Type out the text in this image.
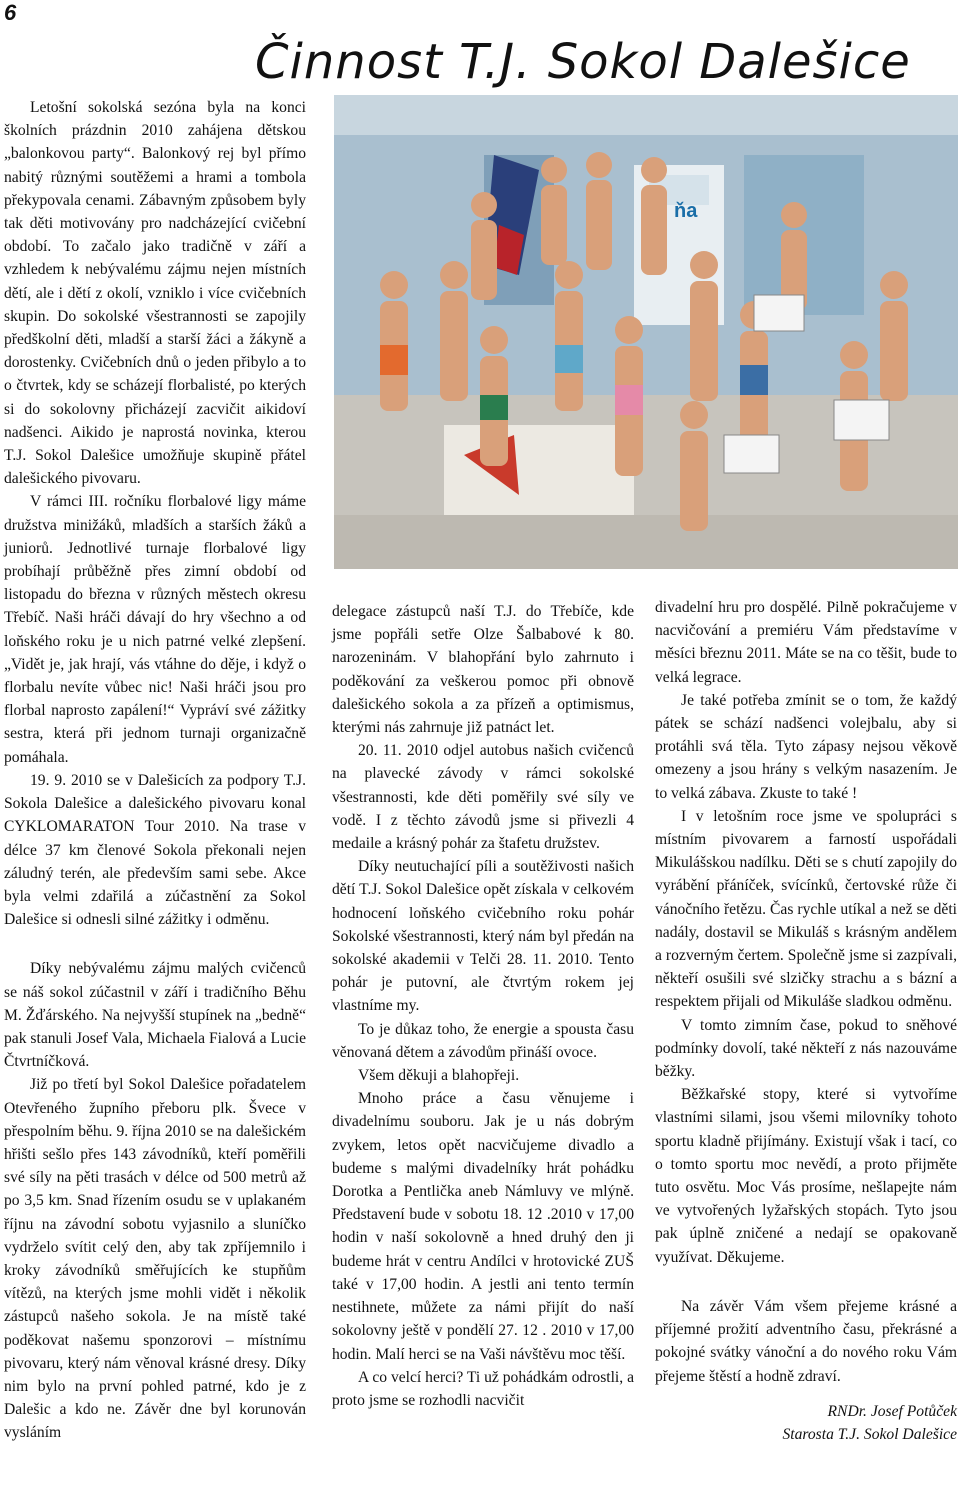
6
Činnost T.J. Sokol Dalešice
ňa

Letošní sokolská sezóna byla na konci školních prázdnin 2010 zahájena dětskou „balonkovou party“. Balonkový rej byl přímo nabitý různými soutěžemi a hrami a tombola překypovala cenami. Zábavným způsobem byly tak děti motivovány pro nadcházející cvičební období. To začalo jako tradičně v září a vzhledem k nebývalému zájmu nejen místních dětí, ale i dětí z okolí, vzniklo i více cvičebních skupin. Do sokolské všestrannosti se zapojily předškolní děti, mladší a starší žáci a žákyně a dorostenky. Cvičebních dnů o jeden přibylo a to o čtvrtek, kdy se scházejí florbalisté, po kterých si do sokolovny přicházejí zacvičit aikidoví nadšenci. Aikido je naprostá novinka, kterou T.J. Sokol Dalešice umožňuje skupině přátel dalešického pivovaru.

V rámci III. ročníku florbalové ligy máme družstva minižáků, mladších a starších žáků a juniorů. Jednotlivé turnaje florbalové ligy probíhají průběžně přes zimní období od listopadu do března v různých městech okresu Třebíč. Naši hráči dávají do hry všechno a od loňského roku je u nich patrné velké zlepšení. „Vidět je, jak hrají, vás vtáhne do děje, i když o florbalu nevíte vůbec nic! Naši hráči jsou pro florbal naprosto zapálení!“ Vypráví své zážitky sestra, která při jednom turnaji organizačně pomáhala.

19. 9. 2010 se v Dalešicích za podpory T.J. Sokola Dalešice a dalešického pivovaru konal CYKLOMARATON Tour 2010. Na trase v délce 37 km členové Sokola překonali nejen záludný terén, ale především sami sebe. Akce byla velmi zdařilá a zúčastnění za Sokol Dalešice si odnesli silné zážitky i odměnu.

Díky nebývalému zájmu malých cvičenců se náš sokol zúčastnil v září i tradičního Běhu M. Žďárského. Na nejvyšší stupínek na „bedně“ pak stanuli Josef Vala, Michaela Fialová a Lucie Čtvrtníčková.

Již po třetí byl Sokol Dalešice pořadatelem Otevřeného župního přeboru plk. Švece v přespolním běhu. 9. října 2010 se na dalešickém hřišti sešlo přes 143 závodníků, kteří poměřili své síly na pěti trasách v délce od 500 metrů až po 3,5 km. Snad řízením osudu se v uplakaném říjnu na závodní sobotu vyjasnilo a sluníčko vydrželo svítit celý den, aby tak zpříjemnilo i kroky závodníků směřujících ke stupňům vítězů, na kterých jsme mohli vidět i několik zástupců našeho sokola. Je na místě také poděkovat našemu sponzorovi – místnímu pivovaru, který nám věnoval krásné dresy. Díky nim bylo na první pohled patrné, kdo je z Dalešic a kdo ne. Závěr dne byl korunován vysláním

delegace zástupců naší T.J. do Třebíče, kde jsme popřáli setře Olze Šalbabové k 80. narozeninám. V blahopřání bylo zahrnuto i poděkování za veškerou pomoc při obnově dalešického sokola a za přízeň a optimismus, kterými nás zahrnuje již patnáct let.

20. 11. 2010 odjel autobus našich cvičenců na plavecké závody v rámci sokolské všestrannosti, kde děti poměřily své síly ve vodě. I z těchto závodů jsme si přivezli 4 medaile a krásný pohár za štafetu družstev.

Díky neutuchající píli a soutěživosti našich dětí T.J. Sokol Dalešice opět získala v celkovém hodnocení loňského cvičebního roku pohár Sokolské všestrannosti, který nám byl předán na sokolské akademii v Telči 28. 11. 2010. Tento pohár je putovní, ale čtvrtým rokem jej vlastníme my.

To je důkaz toho, že energie a spousta času věnovaná dětem a závodům přináší ovoce.

Všem děkuji a blahopřeji.

Mnoho práce a času věnujeme i divadelnímu souboru. Jak je u nás dobrým zvykem, letos opět nacvičujeme divadlo a budeme s malými divadelníky hrát pohádku Dorotka a Pentlička aneb Námluvy ve mlýně. Představení bude v sobotu 18. 12 .2010 v 17,00 hodin v naší sokolovně a hned druhý den ji budeme hrát v centru Andílci v hrotovické ZUŠ také v 17,00 hodin. A jestli ani tento termín nestihnete, můžete za námi přijít do naší sokolovny ještě v pondělí 27. 12 . 2010 v 17,00 hodin. Malí herci se na Vaši návštěvu moc těší.

A co velcí herci? Ti už pohádkám odrostli, a proto jsme se rozhodli nacvičit

divadelní hru pro dospělé. Pilně pokračujeme v nacvičování a premiéru Vám představíme v měsíci březnu 2011. Máte se na co těšit, bude to velká legrace.

Je také potřeba zmínit se o tom, že každý pátek se schází nadšenci volejbalu, aby si protáhli svá těla. Tyto zápasy nejsou věkově omezeny a jsou hrány s velkým nasazením. Je to velká zábava. Zkuste to také !

I v letošním roce jsme ve spolupráci s místním pivovarem a farností uspořádali Mikulášskou nadílku. Děti se s chutí zapojily do vyrábění přáníček, svícínků, čertovské růže či vánočního řetězu. Čas rychle utíkal a než se děti nadály, dostavil se Mikuláš s krásným andělem a rozverným čertem. Společně jsme si zazpívali, někteří osušili své slzičky strachu a s bázní a respektem přijali od Mikuláše sladkou odměnu.

V tomto zimním čase, pokud to sněhové podmínky dovolí, také někteří z nás nazouváme běžky.

Běžkařské stopy, které si vytvoříme vlastními silami, jsou všemi milovníky tohoto sportu kladně přijímány. Existují však i tací, co o tomto sportu moc nevědí, a proto přijměte tuto osvětu. Moc Vás prosíme, nešlapejte nám ve vytvořených lyžařských stopách. Tyto jsou pak úplně zničené a nedají se opakovaně využívat. Děkujeme.

Na závěr Vám všem přejeme krásné a příjemné prožití adventního času, překrásné a pokojné svátky vánoční a do nového roku Vám přejeme štěstí a hodně zdraví.

RNDr. Josef Potůček

Starosta T.J. Sokol Dalešice
